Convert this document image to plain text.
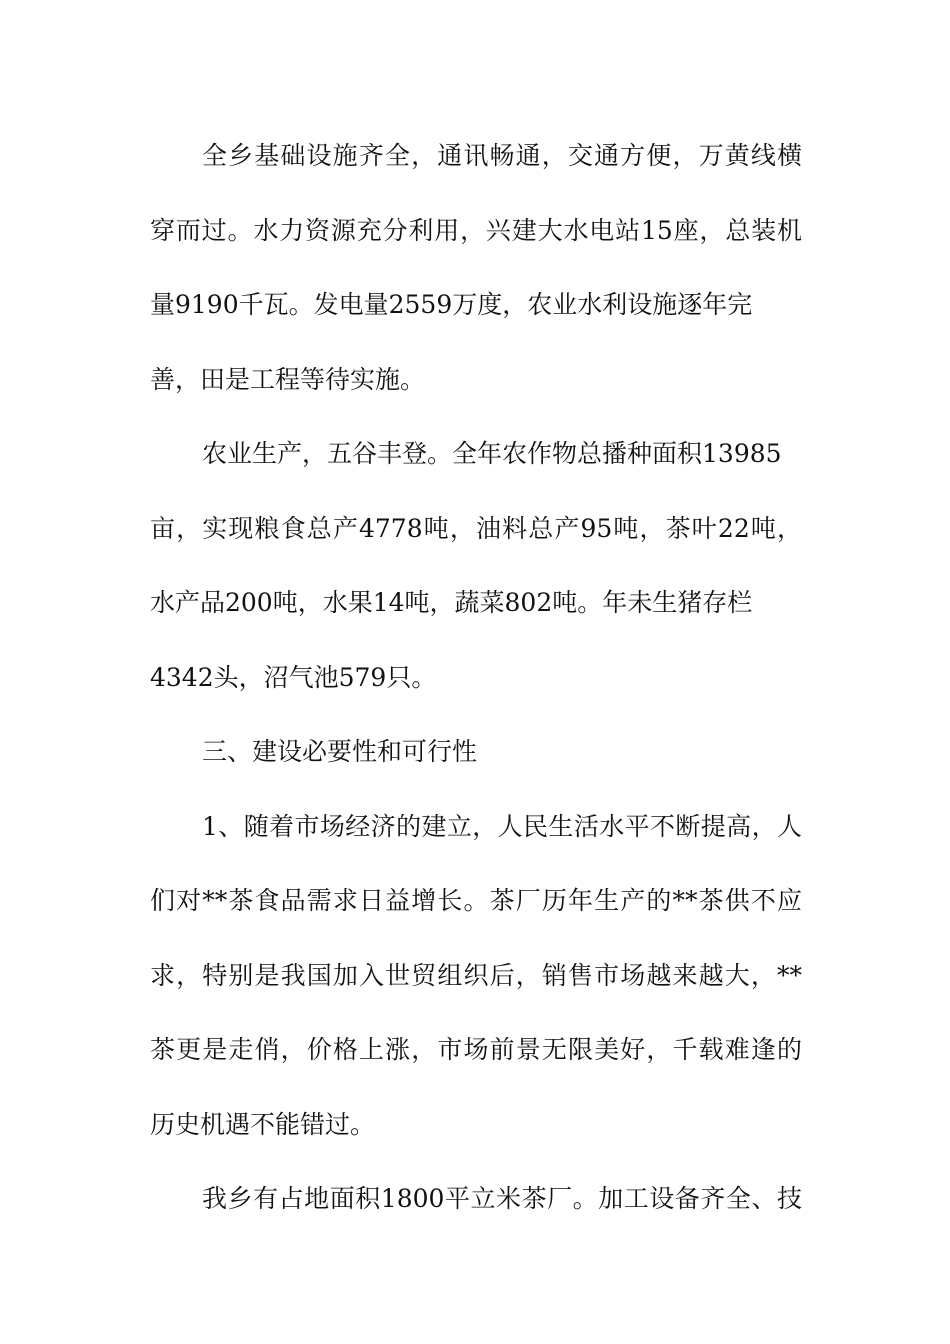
全乡基础设施齐全，通讯畅通，交通方便，万黄线横
穿而过。水力资源充分利用，兴建大水电站15座，总装机
量9190千瓦。发电量2559万度，农业水利设施逐年完
善，田是工程等待实施。
农业生产，五谷丰登。全年农作物总播种面积13985
亩，实现粮食总产4778吨，油料总产95吨，茶叶22吨，
水产品200吨，水果14吨，蔬菜802吨。年未生猪存栏
4342头，沼气池579只。
三、建设必要性和可行性
1、随着市场经济的建立，人民生活水平不断提高，人
们对**茶食品需求日益增长。茶厂历年生产的**茶供不应
求，特别是我国加入世贸组织后，销售市场越来越大，**
茶更是走俏，价格上涨，市场前景无限美好，千载难逢的
历史机遇不能错过。
我乡有占地面积1800平立米茶厂。加工设备齐全、技
